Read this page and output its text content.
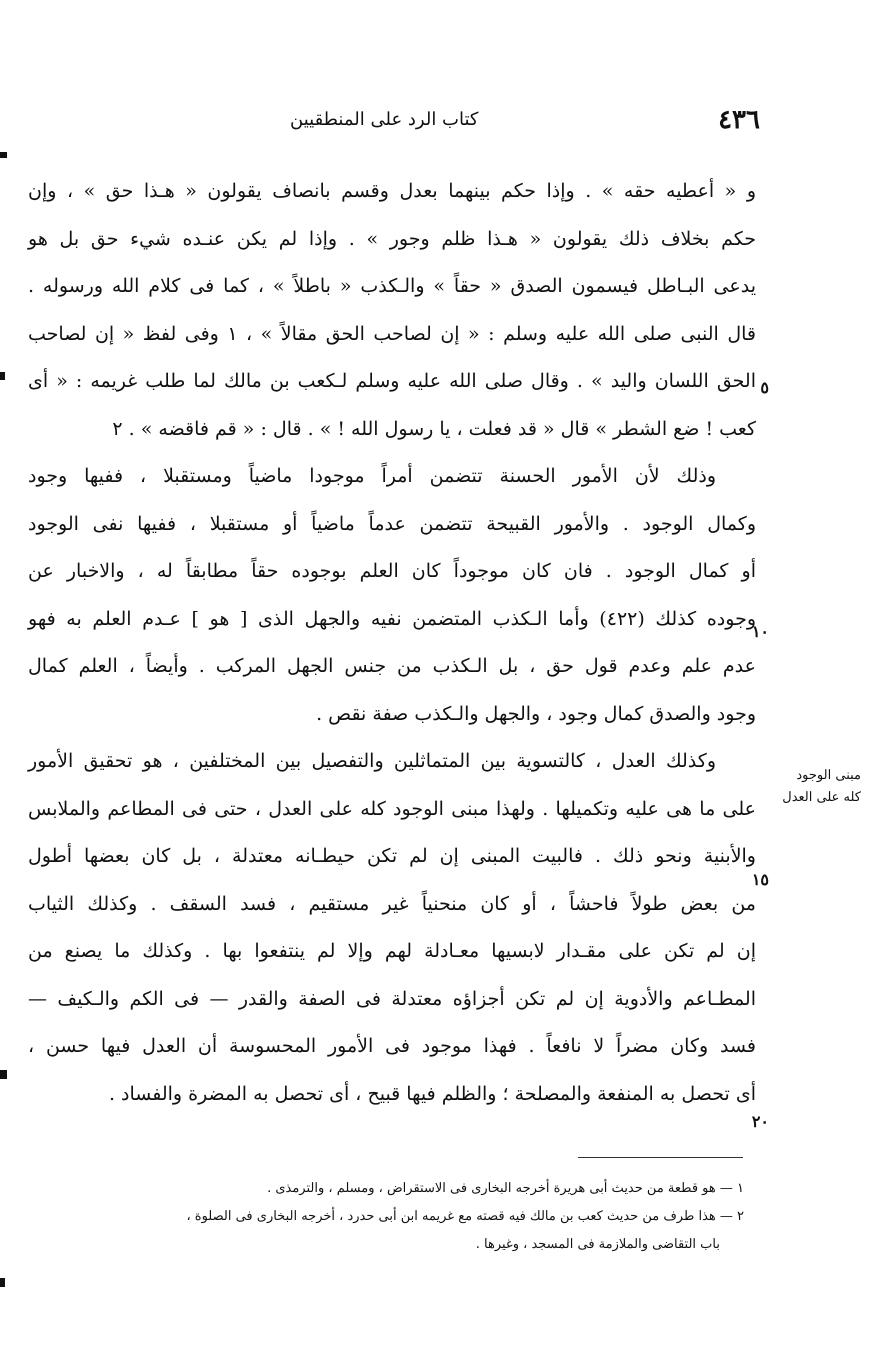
٤٣٦
كتاب الرد على المنطقيين
و « أعطيه حقه » . وإذا حكم بينهما بعدل وقسم بانصاف يقولون « هـذا حق » ، وإن
حكم بخلاف ذلك يقولون « هـذا ظلم وجور » . وإذا لم يكن عنـده شيء حق بل هو
يدعى البـاطل فيسمون الصدق « حقاً » والـكذب « باطلاً » ، كما فى كلام الله ورسوله .
قال النبى صلى الله عليه وسلم : « إن لصاحب الحق مقالاً » ، ١ وفى لفظ « إن لصاحب
الحق اللسان واليد » . وقال صلى الله عليه وسلم لـكعب بن مالك لما طلب غريمه : « أى
كعب ! ضع الشطر » قال « قد فعلت ، يا رسول الله ! » . قال : « قم فاقضه » . ٢
وذلك لأن الأمور الحسنة تتضمن أمراً موجودا ماضياً ومستقبلا ، ففيها وجود
وكمال الوجود . والأمور القبيحة تتضمن عدماً ماضياً أو مستقبلا ، ففيها نفى الوجود
أو كمال الوجود . فان كان موجوداً كان العلم بوجوده حقاً مطابقاً له ، والاخبار عن
وجوده كذلك (٤٢٢) وأما الـكذب المتضمن نفيه والجهل الذى [ هو ] عـدم العلم به فهو
عدم علم وعدم قول حق ، بل الـكذب من جنس الجهل المركب . وأيضاً ، العلم كمال
وجود والصدق كمال وجود ، والجهل والـكذب صفة نقص .
وكذلك العدل ، كالتسوية بين المتماثلين والتفصيل بين المختلفين ، هو تحقيق الأمور
على ما هى عليه وتكميلها . ولهذا مبنى الوجود كله على العدل ، حتى فى المطاعم والملابس
والأبنية ونحو ذلك . فالبيت المبنى إن لم تكن حيطـانه معتدلة ، بل كان بعضها أطول
من بعض طولاً فاحشاً ، أو كان منحنياً غير مستقيم ، فسد السقف . وكذلك الثياب
إن لم تكن على مقـدار لابسيها معـادلة لهم وإلا لم ينتفعوا بها . وكذلك ما يصنع من
المطـاعم والأدوية إن لم تكن أجزاؤه معتدلة فى الصفة والقدر — فى الكم والـكيف —
فسد وكان مضراً لا نافعاً . فهذا موجود فى الأمور المحسوسة أن العدل فيها حسن ،
أى تحصل به المنفعة والمصلحة ؛ والظلم فيها قبيح ، أى تحصل به المضرة والفساد .
٥
١٠
١٥
٢٠
مبنى الوجود
كله على العدل
١ — هو قطعة من حديث أبى هريرة أخرجه البخارى فى الاستقراض ، ومسلم ، والترمذى .
٢ — هذا طرف من حديث كعب بن مالك فيه قصته مع غريمه ابن أبى حدرد ، أخرجه البخارى فى الصلوة ،
باب التقاضى والملازمة فى المسجد ، وغيرها .
